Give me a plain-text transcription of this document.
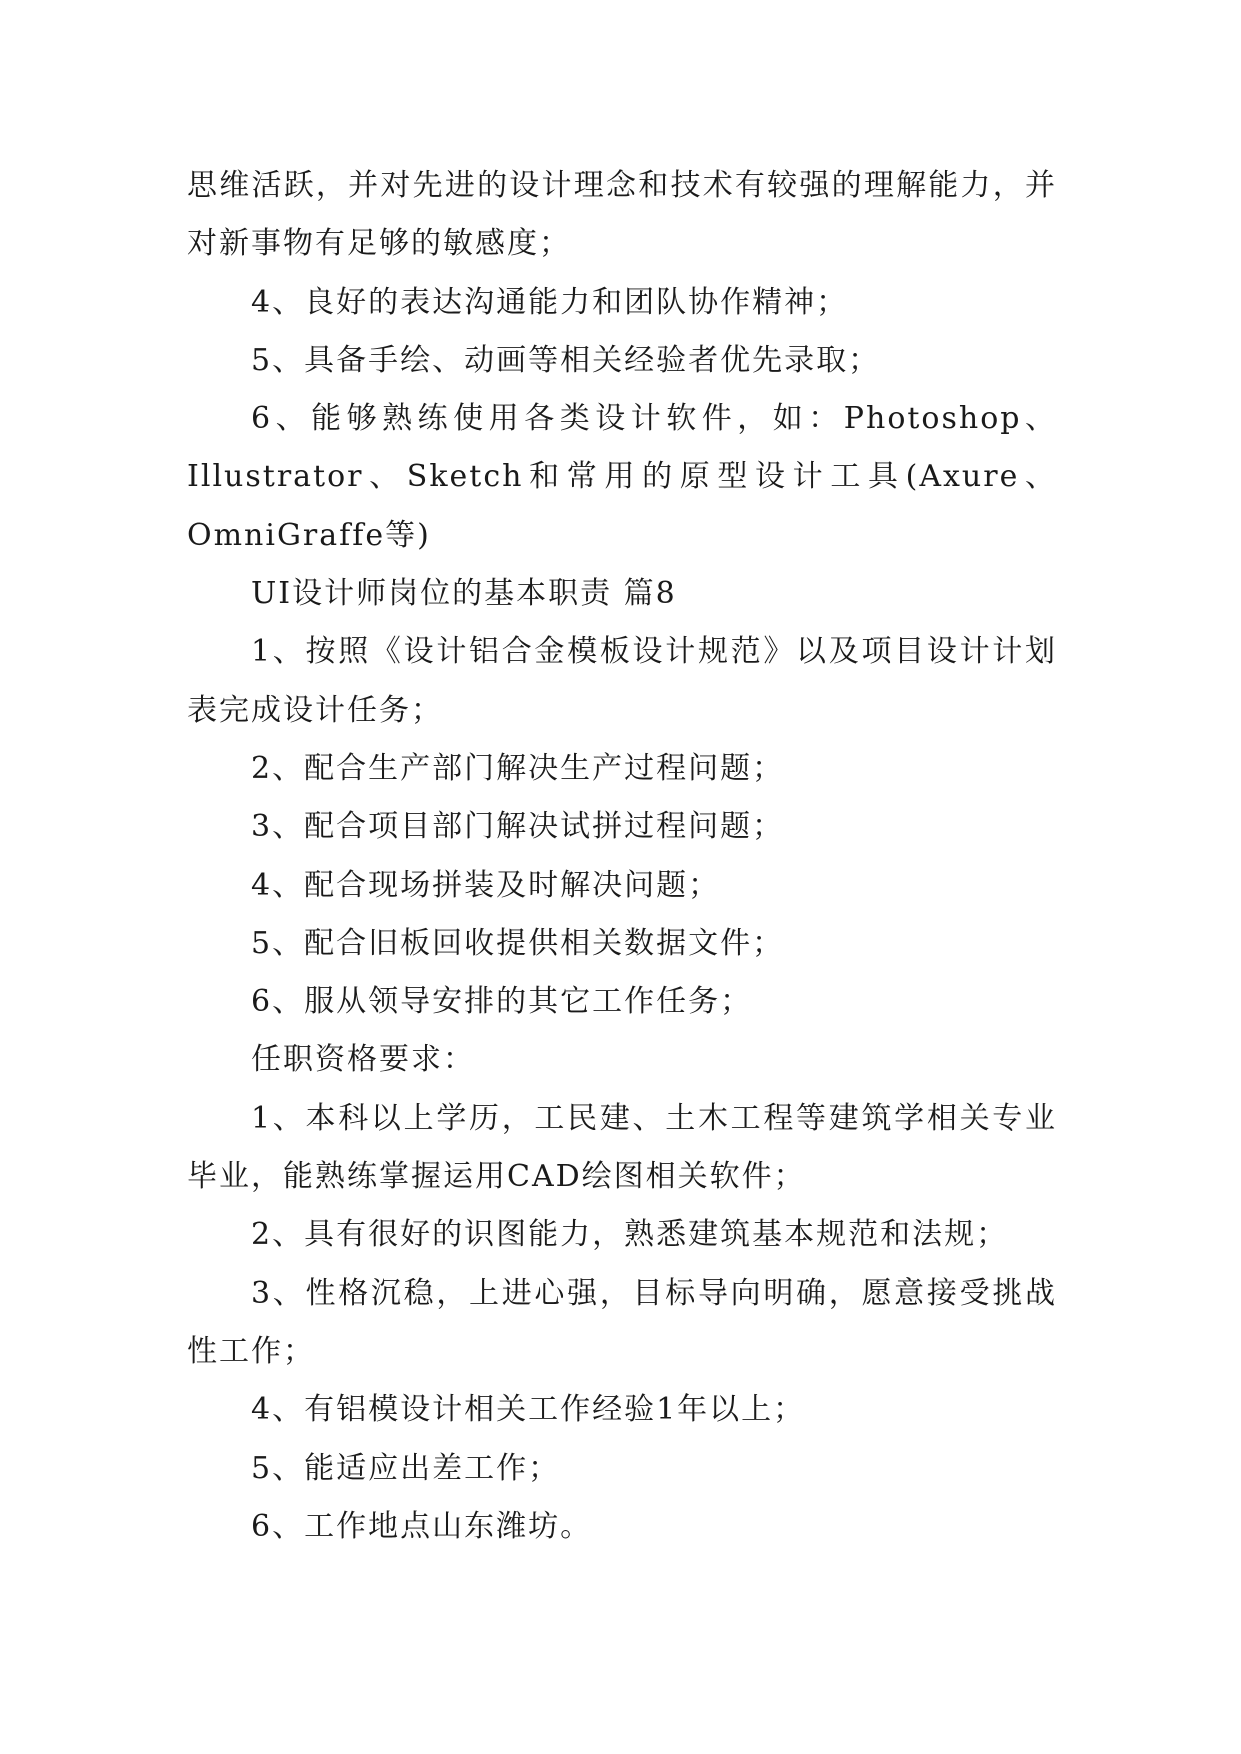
思维活跃，并对先进的设计理念和技术有较强的理解能力，并对新事物有足够的敏感度；

4、良好的表达沟通能力和团队协作精神；

5、具备手绘、动画等相关经验者优先录取；

6、能够熟练使用各类设计软件，如：Photoshop、Illustrator、Sketch和常用的原型设计工具(Axure、OmniGraffe等)

UI设计师岗位的基本职责 篇8

1、按照《设计铝合金模板设计规范》以及项目设计计划表完成设计任务；

2、配合生产部门解决生产过程问题；

3、配合项目部门解决试拼过程问题；

4、配合现场拼装及时解决问题；

5、配合旧板回收提供相关数据文件；

6、服从领导安排的其它工作任务；

任职资格要求：

1、本科以上学历，工民建、土木工程等建筑学相关专业毕业，能熟练掌握运用CAD绘图相关软件；

2、具有很好的识图能力，熟悉建筑基本规范和法规；

3、性格沉稳，上进心强，目标导向明确，愿意接受挑战性工作；

4、有铝模设计相关工作经验1年以上；

5、能适应出差工作；

6、工作地点山东潍坊。
